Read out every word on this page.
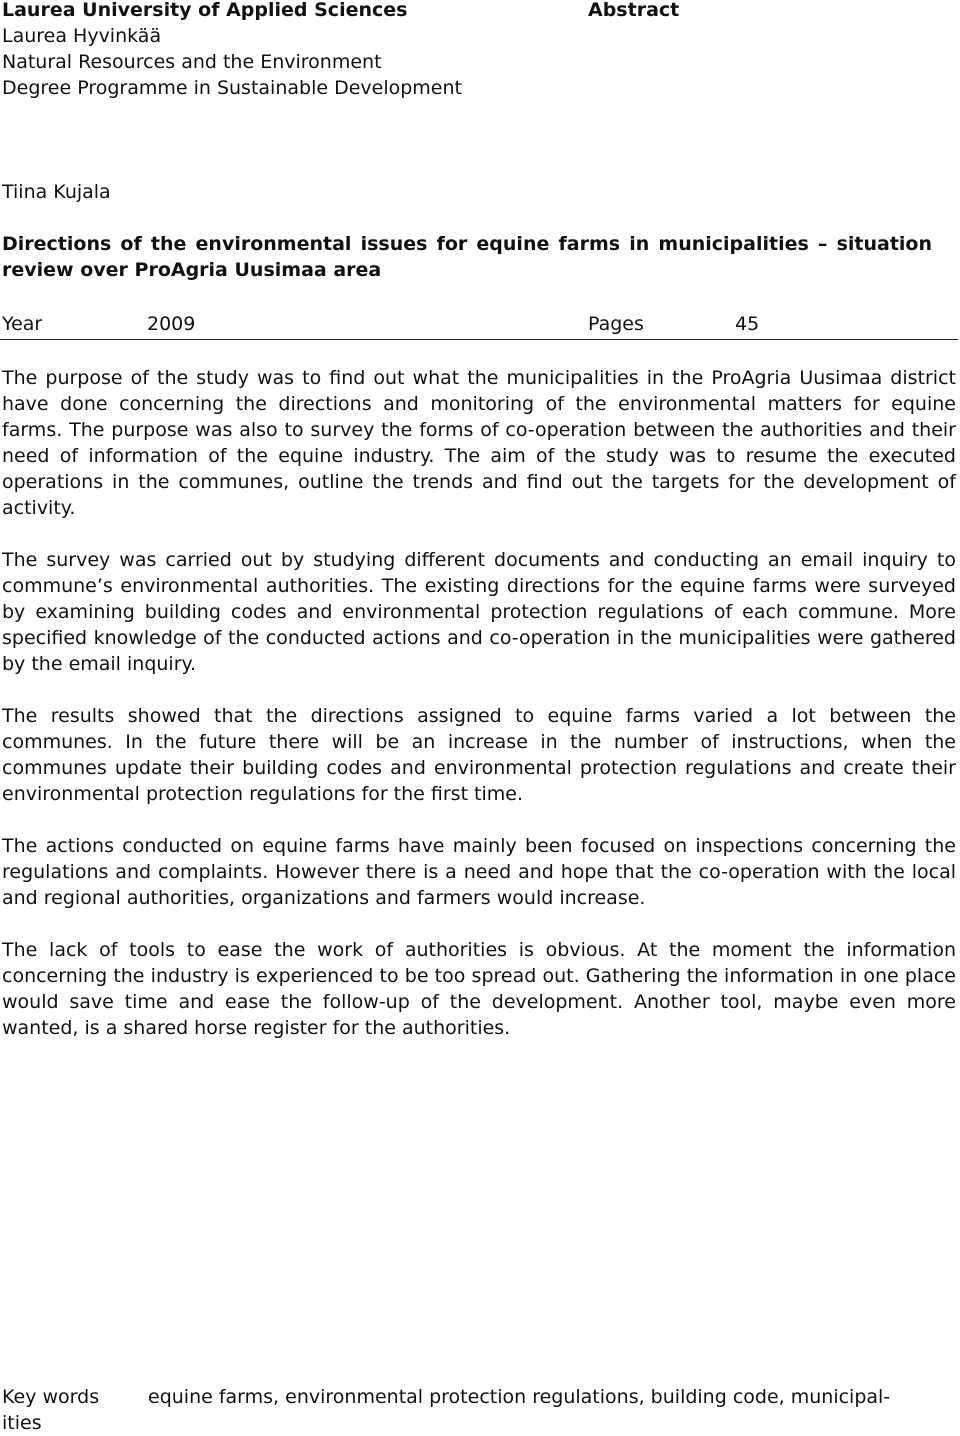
Laurea University of Applied Sciences
Laurea Hyvinkää
Natural Resources and the Environment
Degree Programme in Sustainable Development
Abstract
Tiina Kujala
Directions of the environmental issues for equine farms in municipalities – situation review over ProAgria Uusimaa area
Year	2009	Pages	45

The purpose of the study was to find out what the municipalities in the ProAgria Uusimaa district have done concerning the directions and monitoring of the environmental matters for equine farms. The purpose was also to survey the forms of co-operation between the authorities and their need of information of the equine industry. The aim of the study was to resume the executed operations in the communes, outline the trends and find out the targets for the development of activity.

The survey was carried out by studying different documents and conducting an email inquiry to commune’s environmental authorities. The existing directions for the equine farms were surveyed by examining building codes and environmental protection regulations of each commune. More specified knowledge of the conducted actions and co-operation in the municipalities were gathered by the email inquiry.

The results showed that the directions assigned to equine farms varied a lot between the communes. In the future there will be an increase in the number of instructions, when the communes update their building codes and environmental protection regulations and create their environmental protection regulations for the first time.

The actions conducted on equine farms have mainly been focused on inspections concerning the regulations and complaints. However there is a need and hope that the co-operation with the local and regional authorities, organizations and farmers would increase.

The lack of tools to ease the work of authorities is obvious. At the moment the information concerning the industry is experienced to be too spread out. Gathering the information in one place would save time and ease the follow-up of the development. Another tool, maybe even more wanted, is a shared horse register for the authorities.

Key words	equine farms, environmental protection regulations, building code, municipal-
ities
